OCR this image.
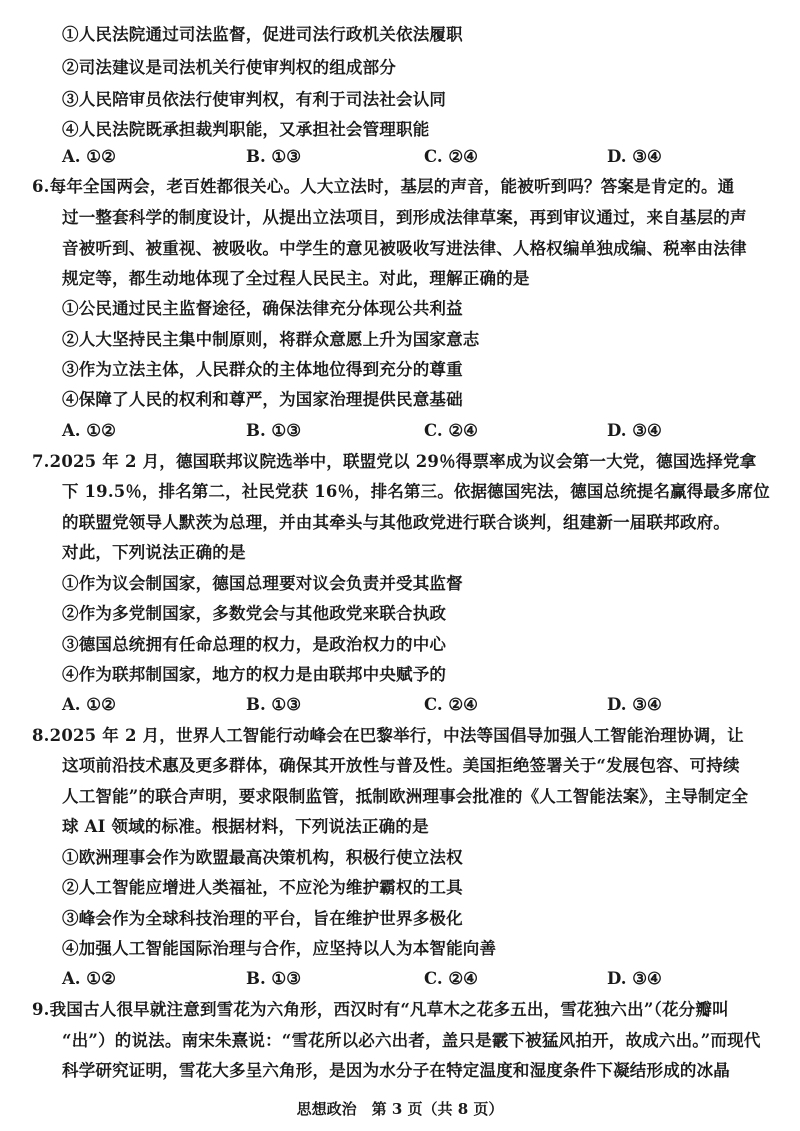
①人民法院通过司法监督，促进司法行政机关依法履职
②司法建议是司法机关行使审判权的组成部分
③人民陪审员依法行使审判权，有利于司法社会认同
④人民法院既承担裁判职能，又承担社会管理职能
A. ①②	B. ①③	C. ②④	D. ③④
6.每年全国两会，老百姓都很关心。人大立法时，基层的声音，能被听到吗？答案是肯定的。通
过一整套科学的制度设计，从提出立法项目，到形成法律草案，再到审议通过，来自基层的声
音被听到、被重视、被吸收。中学生的意见被吸收写进法律、人格权编单独成编、税率由法律
规定等，都生动地体现了全过程人民民主。对此，理解正确的是
①公民通过民主监督途径，确保法律充分体现公共利益
②人大坚持民主集中制原则，将群众意愿上升为国家意志
③作为立法主体，人民群众的主体地位得到充分的尊重
④保障了人民的权利和尊严，为国家治理提供民意基础
A. ①②	B. ①③	C. ②④	D. ③④
7.2025 年 2 月，德国联邦议院选举中，联盟党以 29％得票率成为议会第一大党，德国选择党拿
下 19.5％，排名第二，社民党获 16％，排名第三。依据德国宪法，德国总统提名赢得最多席位
的联盟党领导人默茨为总理，并由其牵头与其他政党进行联合谈判，组建新一届联邦政府。
对此，下列说法正确的是
①作为议会制国家，德国总理要对议会负责并受其监督
②作为多党制国家，多数党会与其他政党来联合执政
③德国总统拥有任命总理的权力，是政治权力的中心
④作为联邦制国家，地方的权力是由联邦中央赋予的
A. ①②	B. ①③	C. ②④	D. ③④
8.2025 年 2 月，世界人工智能行动峰会在巴黎举行，中法等国倡导加强人工智能治理协调，让
这项前沿技术惠及更多群体，确保其开放性与普及性。美国拒绝签署关于“发展包容、可持续
人工智能”的联合声明，要求限制监管，抵制欧洲理事会批准的《人工智能法案》，主导制定全
球 AI 领域的标准。根据材料，下列说法正确的是
①欧洲理事会作为欧盟最高决策机构，积极行使立法权
②人工智能应增进人类福祉，不应沦为维护霸权的工具
③峰会作为全球科技治理的平台，旨在维护世界多极化
④加强人工智能国际治理与合作，应坚持以人为本智能向善
A. ①②	B. ①③	C. ②④	D. ③④
9.我国古人很早就注意到雪花为六角形，西汉时有“凡草木之花多五出，雪花独六出”（花分瓣叫
“出”）的说法。南宋朱熹说：“雪花所以必六出者，盖只是霰下被猛风拍开，故成六出。”而现代
科学研究证明，雪花大多呈六角形，是因为水分子在特定温度和湿度条件下凝结形成的冰晶
思想政治　第 3 页（共 8 页）
